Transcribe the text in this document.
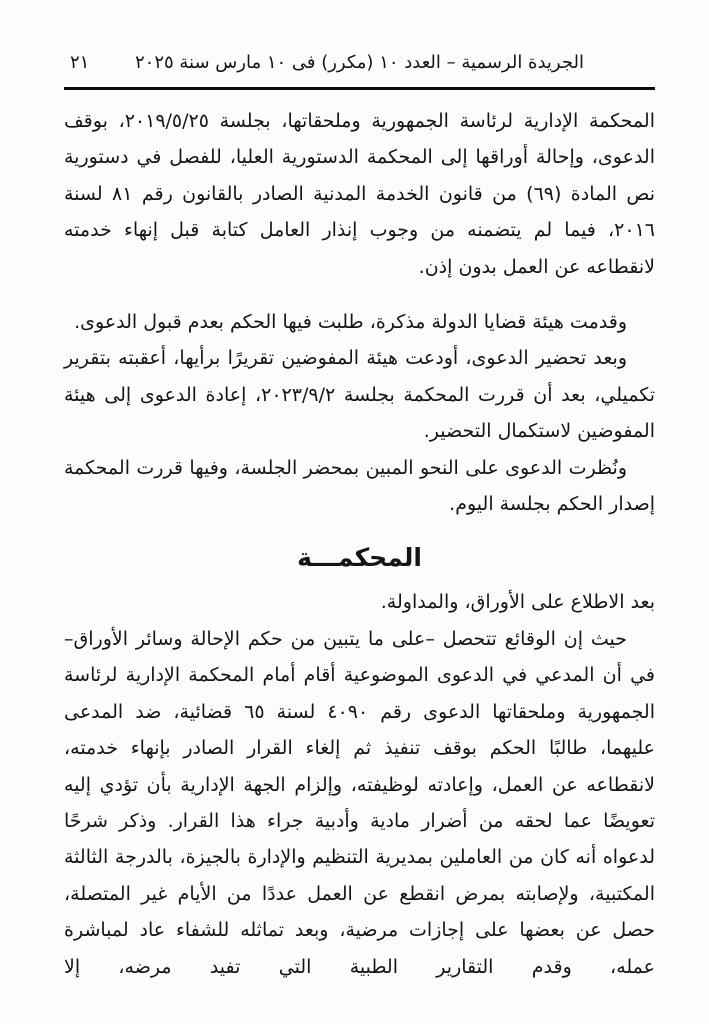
٢١	الجريدة الرسمية – العدد ١٠ (مكرر) فى ١٠ مارس سنة ٢٠٢٥

المحكمة الإدارية لرئاسة الجمهورية وملحقاتها، بجلسة ٢٠١٩/٥/٢٥، بوقف الدعوى، وإحالة أوراقها إلى المحكمة الدستورية العليا، للفصل في دستورية نص المادة (٦٩) من قانون الخدمة المدنية الصادر بالقانون رقم ٨١ لسنة ٢٠١٦، فيما لم يتضمنه من وجوب إنذار العامل كتابة قبل إنهاء خدمته لانقطاعه عن العمل بدون إذن.

وقدمت هيئة قضايا الدولة مذكرة، طلبت فيها الحكم بعدم قبول الدعوى.

وبعد تحضير الدعوى، أودعت هيئة المفوضين تقريرًا برأيها، أعقبته بتقرير تكميلي، بعد أن قررت المحكمة بجلسة ٢٠٢٣/٩/٢، إعادة الدعوى إلى هيئة المفوضين لاستكمال التحضير.

ونُظرت الدعوى على النحو المبين بمحضر الجلسة، وفيها قررت المحكمة إصدار الحكم بجلسة اليوم.

المحكمـــة

بعد الاطلاع على الأوراق، والمداولة.

حيث إن الوقائع تتحصل –على ما يتبين من حكم الإحالة وسائر الأوراق– في أن المدعي في الدعوى الموضوعية أقام أمام المحكمة الإدارية لرئاسة الجمهورية وملحقاتها الدعوى رقم ٤٠٩٠ لسنة ٦٥ قضائية، ضد المدعى عليهما، طالبًا الحكم بوقف تنفيذ ثم إلغاء القرار الصادر بإنهاء خدمته، لانقطاعه عن العمل، وإعادته لوظيفته، وإلزام الجهة الإدارية بأن تؤدي إليه تعويضًا عما لحقه من أضرار مادية وأدبية جراء هذا القرار. وذكر شرحًا لدعواه أنه كان من العاملين بمديرية التنظيم والإدارة بالجيزة، بالدرجة الثالثة المكتبية، ولإصابته بمرض انقطع عن العمل عددًا من الأيام غير المتصلة، حصل عن بعضها على إجازات مرضية، وبعد تماثله للشفاء عاد لمباشرة عمله، وقدم التقارير الطبية التي تفيد مرضه، إلا
